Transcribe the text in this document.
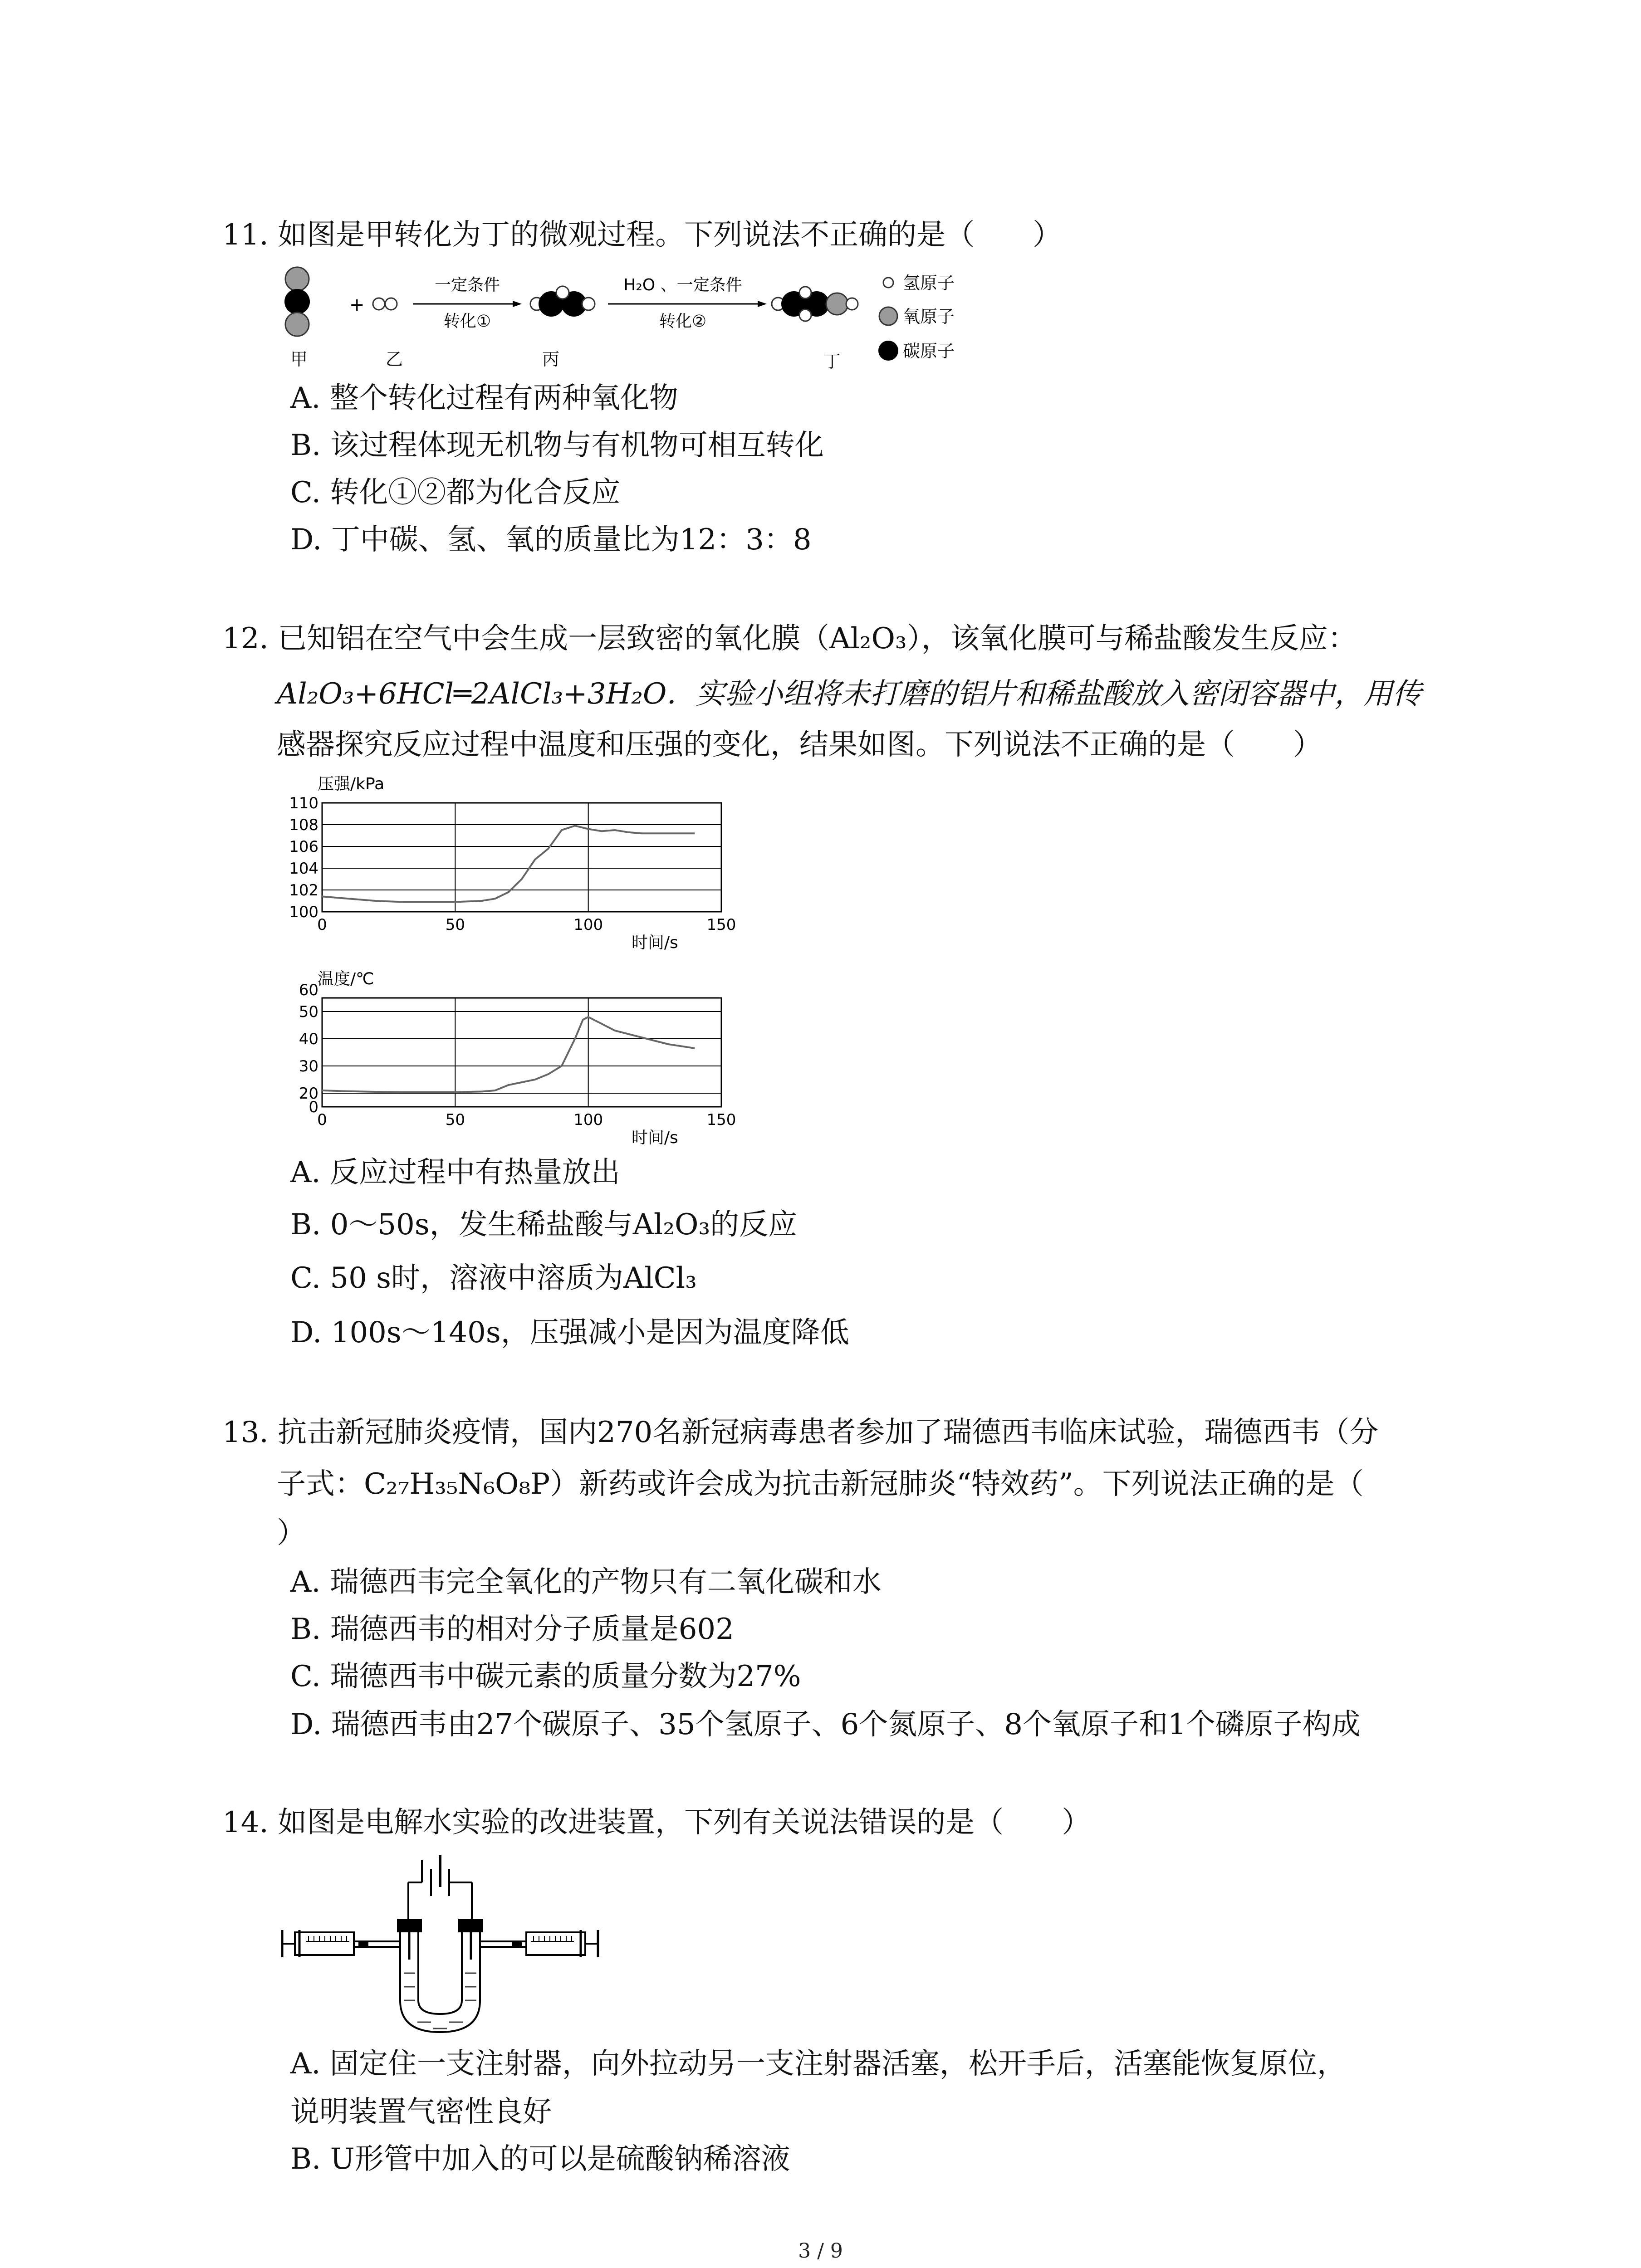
11. 如图是甲转化为丁的微观过程。下列说法不正确的是（　　）
+
一定条件
转化①
H₂O 、一定条件
转化②
氢原子
氧原子
碳原子
甲	乙	丙	丁
A. 整个转化过程有两种氧化物
B. 该过程体现无机物与有机物可相互转化
C. 转化①②都为化合反应
D. 丁中碳、氢、氧的质量比为12：3：8
12. 已知铝在空气中会生成一层致密的氧化膜（Al₂O₃），该氧化膜可与稀盐酸发生反应：
Al₂O₃+6HCl═2AlCl₃+3H₂O．实验小组将未打磨的铝片和稀盐酸放入密闭容器中，用传
感器探究反应过程中温度和压强的变化，结果如图。下列说法不正确的是（　　）
100
102
104
106
108
110
0	50	100	150
压强/kPa
时间/s
0
20
30
40
50
60
0	50	100	150
温度/℃
时间/s
A. 反应过程中有热量放出
B. 0～50s，发生稀盐酸与Al₂O₃的反应
C. 50 s时，溶液中溶质为AlCl₃
D. 100s～140s，压强减小是因为温度降低
13. 抗击新冠肺炎疫情，国内270名新冠病毒患者参加了瑞德西韦临床试验，瑞德西韦（分
子式：C₂₇H₃₅N₆O₈P）新药或许会成为抗击新冠肺炎“特效药”。下列说法正确的是（
）
A. 瑞德西韦完全氧化的产物只有二氧化碳和水
B. 瑞德西韦的相对分子质量是602
C. 瑞德西韦中碳元素的质量分数为27%
D. 瑞德西韦由27个碳原子、35个氢原子、6个氮原子、8个氧原子和1个磷原子构成
14. 如图是电解水实验的改进装置，下列有关说法错误的是（　　）
A. 固定住一支注射器，向外拉动另一支注射器活塞，松开手后，活塞能恢复原位，
说明装置气密性良好
B. U形管中加入的可以是硫酸钠稀溶液
3 / 9
